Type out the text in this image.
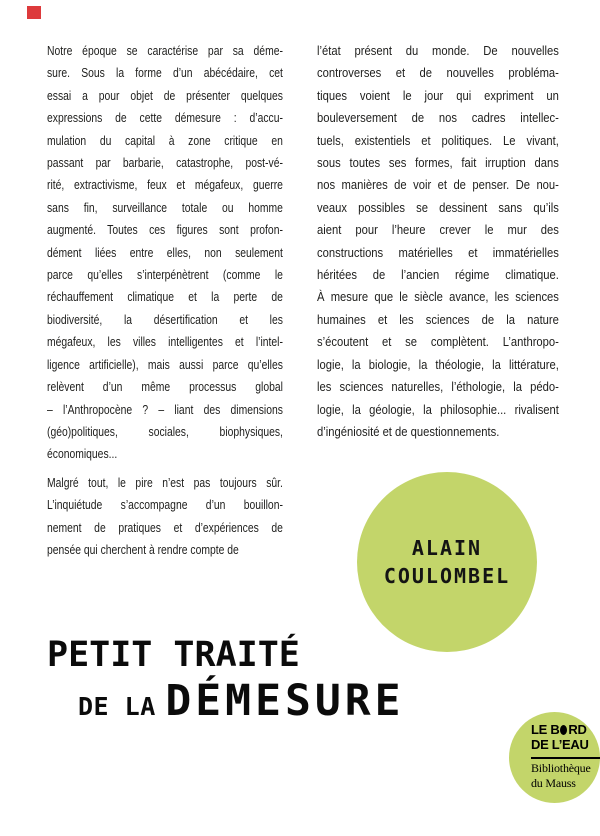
Notre époque se caractérise par sa déme-
sure. Sous la forme d’un abécédaire, cet
essai a pour objet de présenter quelques
expressions de cette démesure : d’accu-
mulation du capital à zone critique en
passant par barbarie, catastrophe, post-vé-
rité, extractivisme, feux et mégafeux, guerre
sans fin, surveillance totale ou homme
augmenté. Toutes ces figures sont profon-
dément liées entre elles, non seulement
parce qu’elles s’interpénètrent (comme le
réchauffement climatique et la perte de
biodiversité, la désertification et les
mégafeux, les villes intelligentes et l’intel-
ligence artificielle), mais aussi parce qu’elles
relèvent d’un même processus global
– l’Anthropocène ? – liant des dimensions
(géo)politiques, sociales, biophysiques,
économiques...
Malgré tout, le pire n’est pas toujours sûr.
L’inquiétude s’accompagne d’un bouillon-
nement de pratiques et d’expériences de
pensée qui cherchent à rendre compte de
l’état présent du monde. De nouvelles
controverses et de nouvelles probléma-
tiques voient le jour qui expriment un
bouleversement de nos cadres intellec-
tuels, existentiels et politiques. Le vivant,
sous toutes ses formes, fait irruption dans
nos manières de voir et de penser. De nou-
veaux possibles se dessinent sans qu’ils
aient pour l’heure crever le mur des
constructions matérielles et immatérielles
héritées de l’ancien régime climatique.
À mesure que le siècle avance, les sciences
humaines et les sciences de la nature
s’écoutent et se complètent. L’anthropo-
logie, la biologie, la théologie, la littérature,
les sciences naturelles, l’éthologie, la pédo-
logie, la géologie, la philosophie... rivalisent
d’ingéniosité et de questionnements.
ALAIN
COULOMBEL
PETIT TRAITÉ
DE LA DÉMESURE
LE B RD
DE L’EAU
Bibliothèque
du Mauss
